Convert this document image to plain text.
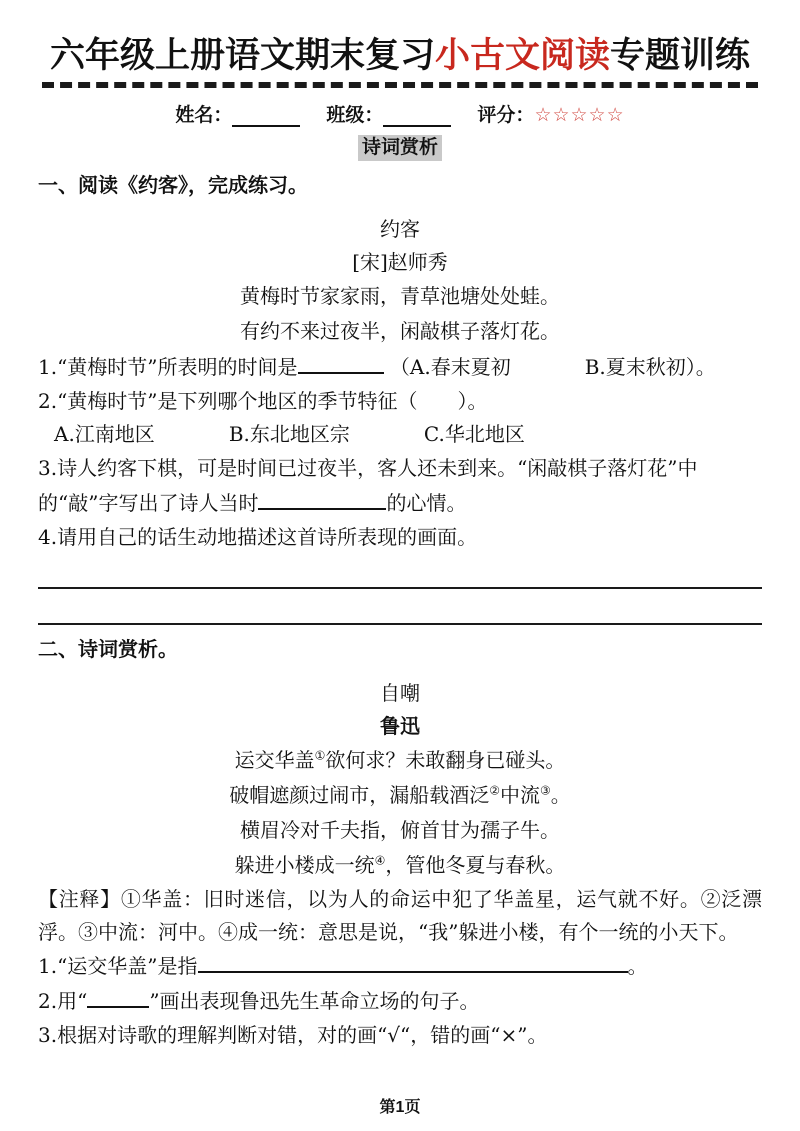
六年级上册语文期末复习小古文阅读专题训练
姓名：	班级：	评分： ☆☆☆☆☆
诗词赏析
一、阅读《约客》，完成练习。
约客
[宋]赵师秀
黄梅时节家家雨，青草池塘处处蛙。
有约不来过夜半，闲敲棋子落灯花。
1.“黄梅时节”所表明的时间是	（A.春末夏初	B.夏末秋初）。
2.“黄梅时节”是下列哪个地区的季节特征（ ）。
A.江南地区	B.东北地区宗	C.华北地区
3.诗人约客下棋，可是时间已过夜半，客人还未到来。“闲敲棋子落灯花”中
的“敲”字写出了诗人当时	的心情。
4.请用自己的话生动地描述这首诗所表现的画面。
二、诗词赏析。
自嘲
鲁迅
运交华盖①欲何求？未敢翻身已碰头。
破帽遮颜过闹市，漏船载酒泛②中流③。
横眉冷对千夫指，俯首甘为孺子牛。
躲进小楼成一统④，管他冬夏与春秋。
【注释】①华盖：旧时迷信，以为人的命运中犯了华盖星，运气就不好。②泛漂浮。③中流：河中。④成一统：意思是说，“我”躲进小楼，有个一统的小天下。
1.“运交华盖”是指	。
2.用“	”画出表现鲁迅先生革命立场的句子。
3.根据对诗歌的理解判断对错，对的画“√“，错的画“×”。
第1页
